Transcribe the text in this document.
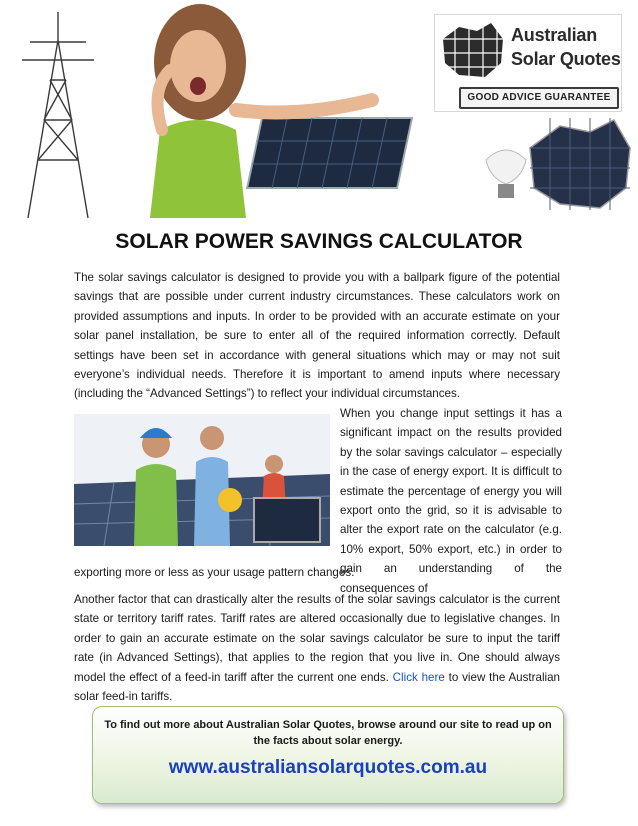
Australian
Solar Quotes
GOOD ADVICE GUARANTEE
SOLAR POWER SAVINGS CALCULATOR

The solar savings calculator is designed to provide you with a ballpark figure of the potential savings that are possible under current industry circumstances. These calculators work on provided assumptions and inputs. In order to be provided with an accurate estimate on your solar panel installation, be sure to enter all of the required information correctly. Default settings have been set in accordance with general situations which may or may not suit everyone’s individual needs. Therefore it is important to amend inputs where necessary (including the “Advanced Settings”) to reflect your individual circumstances.

When you change input settings it has a significant impact on the results provided by the solar savings calculator – especially in the case of energy export. It is difficult to estimate the percentage of energy you will export onto the grid, so it is advisable to alter the export rate on the calculator (e.g. 10% export, 50% export, etc.) in order to gain an understanding of the consequences of

exporting more or less as your usage pattern changes.

Another factor that can drastically alter the results of the solar savings calculator is the current state or territory tariff rates. Tariff rates are altered occasionally due to legislative changes. In order to gain an accurate estimate on the solar savings calculator be sure to input the tariff rate (in Advanced Settings), that applies to the region that you live in. One should always model the effect of a feed-in tariff after the current one ends. Click here to view the Australian solar feed-in tariffs.

To find out more about Australian Solar Quotes, browse around our site to read up on the facts about solar energy.

www.australiansolarquotes.com.au
